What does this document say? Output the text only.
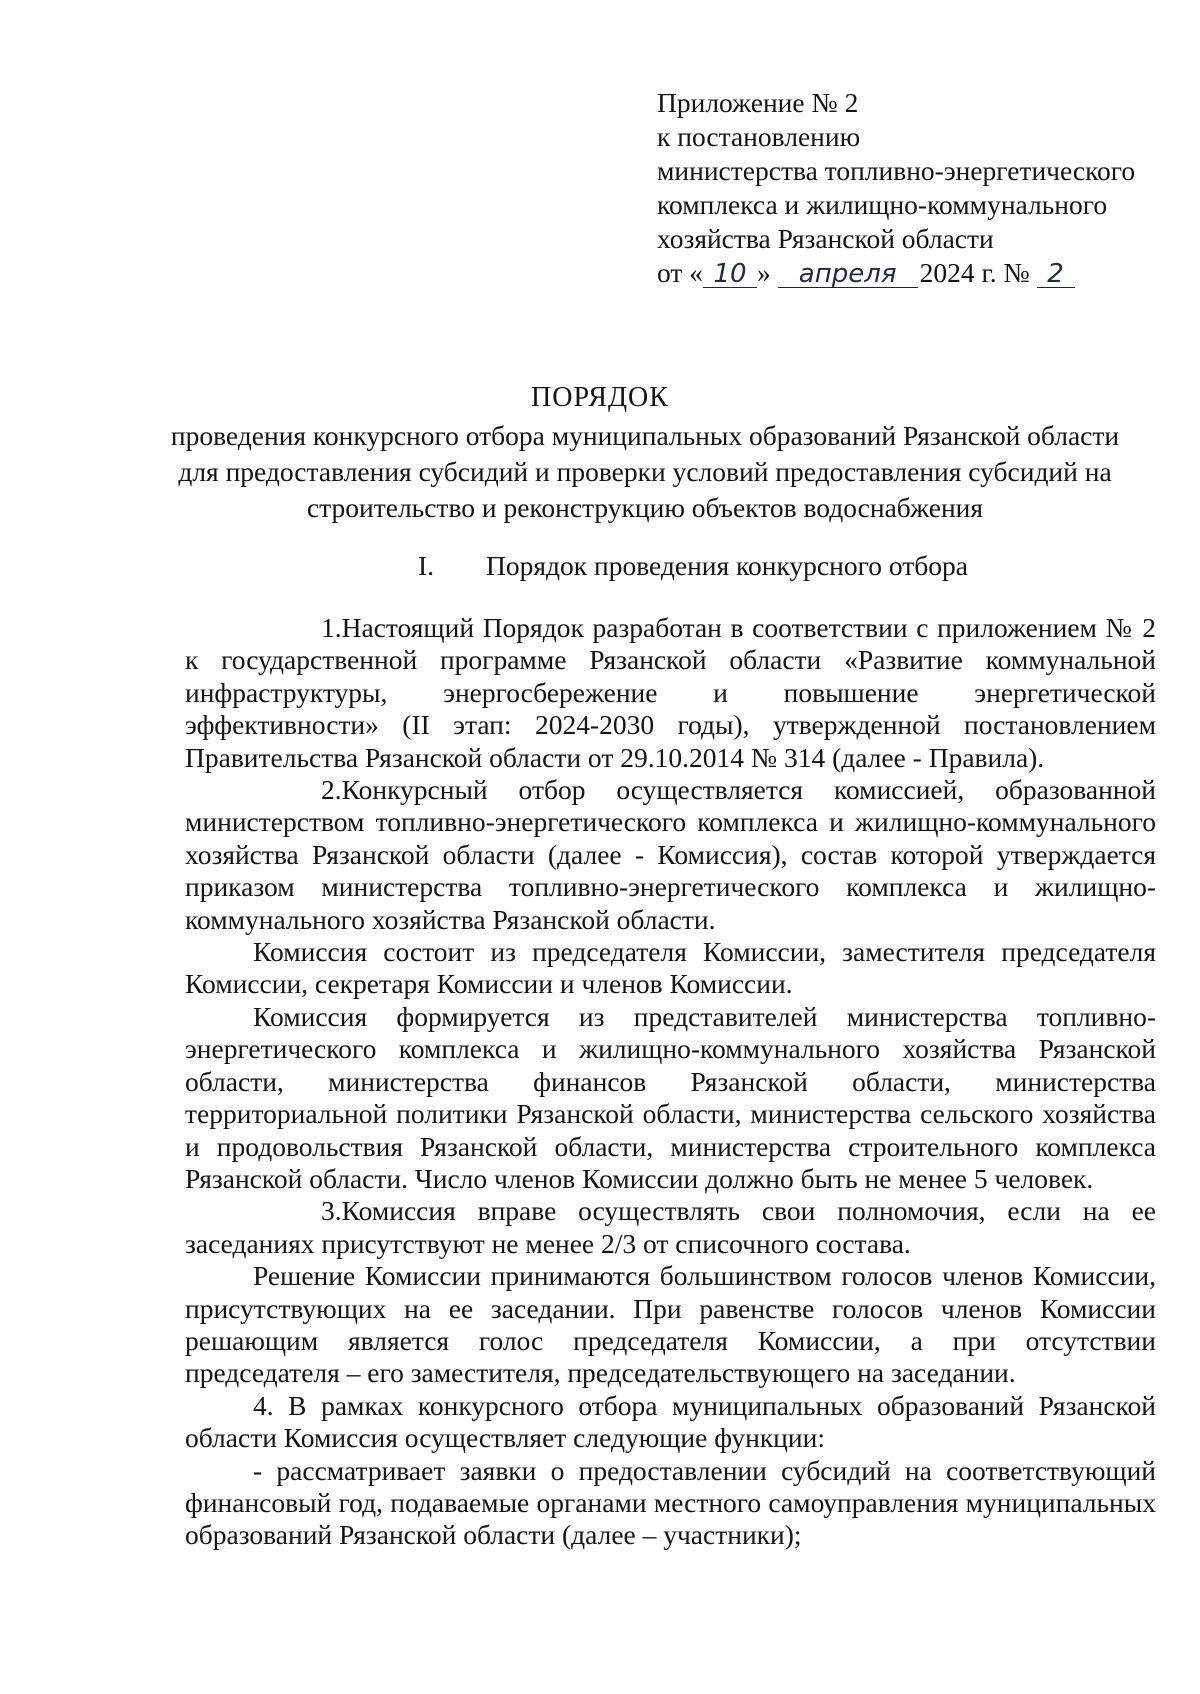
Приложение № 2
к постановлению
министерства топливно-энергетического
комплекса и жилищно-коммунального
хозяйства Рязанской области
от « 10 » апреля 2024 г. № 2
ПОРЯДОК
проведения конкурсного отбора муниципальных образований Рязанской области для предоставления субсидий и проверки условий предоставления субсидий на строительство и реконструкцию объектов водоснабжения
I. Порядок проведения конкурсного отбора

1.Настоящий Порядок разработан в соответствии с приложением № 2 к государственной программе Рязанской области «Развитие коммунальной инфраструктуры, энергосбережение и повышение энергетической эффективности» (II этап: 2024-2030 годы), утвержденной постановлением Правительства Рязанской области от 29.10.2014 № 314 (далее - Правила).

2.Конкурсный отбор осуществляется комиссией, образованной министерством топливно-энергетического комплекса и жилищно-коммунального хозяйства Рязанской области (далее - Комиссия), состав которой утверждается приказом министерства топливно-энергетического комплекса и жилищно-коммунального хозяйства Рязанской области.

Комиссия состоит из председателя Комиссии, заместителя председателя Комиссии, секретаря Комиссии и членов Комиссии.

Комиссия формируется из представителей министерства топливно-энергетического комплекса и жилищно-коммунального хозяйства Рязанской области, министерства финансов Рязанской области, министерства территориальной политики Рязанской области, министерства сельского хозяйства и продовольствия Рязанской области, министерства строительного комплекса Рязанской области. Число членов Комиссии должно быть не менее 5 человек.

3.Комиссия вправе осуществлять свои полномочия, если на ее заседаниях присутствуют не менее 2/3 от списочного состава.

Решение Комиссии принимаются большинством голосов членов Комиссии, присутствующих на ее заседании. При равенстве голосов членов Комиссии решающим является голос председателя Комиссии, а при отсутствии председателя – его заместителя, председательствующего на заседании.

4. В рамках конкурсного отбора муниципальных образований Рязанской области Комиссия осуществляет следующие функции:

- рассматривает заявки о предоставлении субсидий на соответствующий финансовый год, подаваемые органами местного самоуправления муниципальных образований Рязанской области (далее – участники);
